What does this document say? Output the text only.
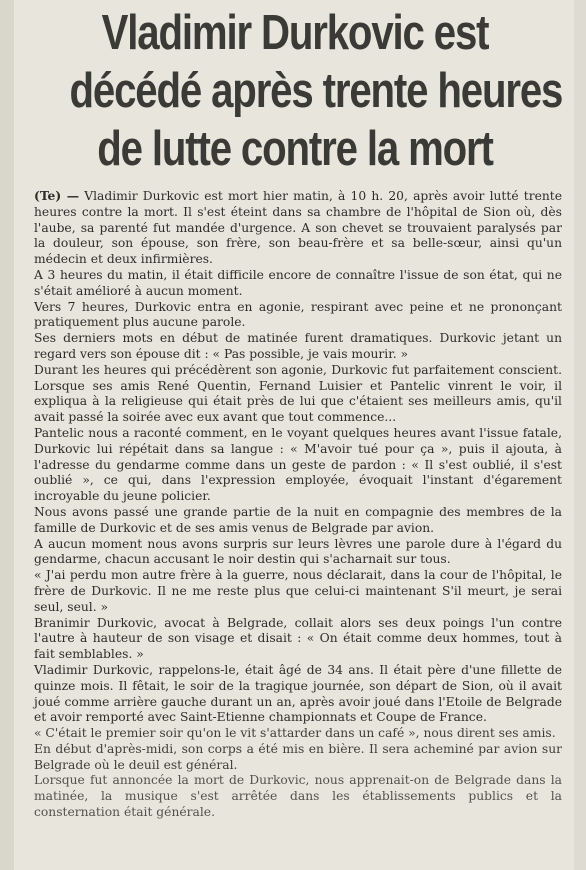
Vladimir Durkovic est
décédé après trente heures
de lutte contre la mort

(Te) — Vladimir Durkovic est mort hier matin, à 10 h. 20, après avoir lutté trente heures contre la mort. Il s'est éteint dans sa chambre de l'hôpital de Sion où, dès l'aube, sa parenté fut mandée d'urgence. A son chevet se trouvaient paralysés par la douleur, son épouse, son frère, son beau-frère et sa belle-sœur, ainsi qu'un médecin et deux infirmières.

A 3 heures du matin, il était difficile encore de connaître l'issue de son état, qui ne s'était amélioré à aucun moment.

Vers 7 heures, Durkovic entra en agonie, respirant avec peine et ne prononçant pratiquement plus aucune parole.

Ses derniers mots en début de matinée furent dramatiques. Durkovic jetant un regard vers son épouse dit : « Pas possible, je vais mourir. »

Durant les heures qui précédèrent son agonie, Durkovic fut parfaitement conscient. Lorsque ses amis René Quentin, Fernand Luisier et Pantelic vinrent le voir, il expliqua à la religieuse qui était près de lui que c'étaient ses meilleurs amis, qu'il avait passé la soirée avec eux avant que tout commence...

Pantelic nous a raconté comment, en le voyant quelques heures avant l'issue fatale, Durkovic lui répétait dans sa langue : « M'avoir tué pour ça », puis il ajouta, à l'adresse du gendarme comme dans un geste de pardon : « Il s'est oublié, il s'est oublié », ce qui, dans l'expression employée, évoquait l'instant d'égarement incroyable du jeune policier.

Nous avons passé une grande partie de la nuit en compagnie des membres de la famille de Durkovic et de ses amis venus de Belgrade par avion.

A aucun moment nous avons surpris sur leurs lèvres une parole dure à l'égard du gendarme, chacun accusant le noir destin qui s'acharnait sur tous.

« J'ai perdu mon autre frère à la guerre, nous déclarait, dans la cour de l'hôpital, le frère de Durkovic. Il ne me reste plus que celui-ci maintenant S'il meurt, je serai seul, seul. »

Branimir Durkovic, avocat à Belgrade, collait alors ses deux poings l'un contre l'autre à hauteur de son visage et disait : « On était comme deux hommes, tout à fait semblables. »

Vladimir Durkovic, rappelons-le, était âgé de 34 ans. Il était père d'une fillette de quinze mois. Il fêtait, le soir de la tragique journée, son départ de Sion, où il avait joué comme arrière gauche durant un an, après avoir joué dans l'Etoile de Belgrade et avoir remporté avec Saint-Etienne championnats et Coupe de France.

« C'était le premier soir qu'on le vit s'attarder dans un café », nous dirent ses amis.

En début d'après-midi, son corps a été mis en bière. Il sera acheminé par avion sur Belgrade où le deuil est général.

Lorsque fut annoncée la mort de Durkovic, nous apprenait-on de Belgrade dans la matinée, la musique s'est arrêtée dans les établissements publics et la consternation était générale.
